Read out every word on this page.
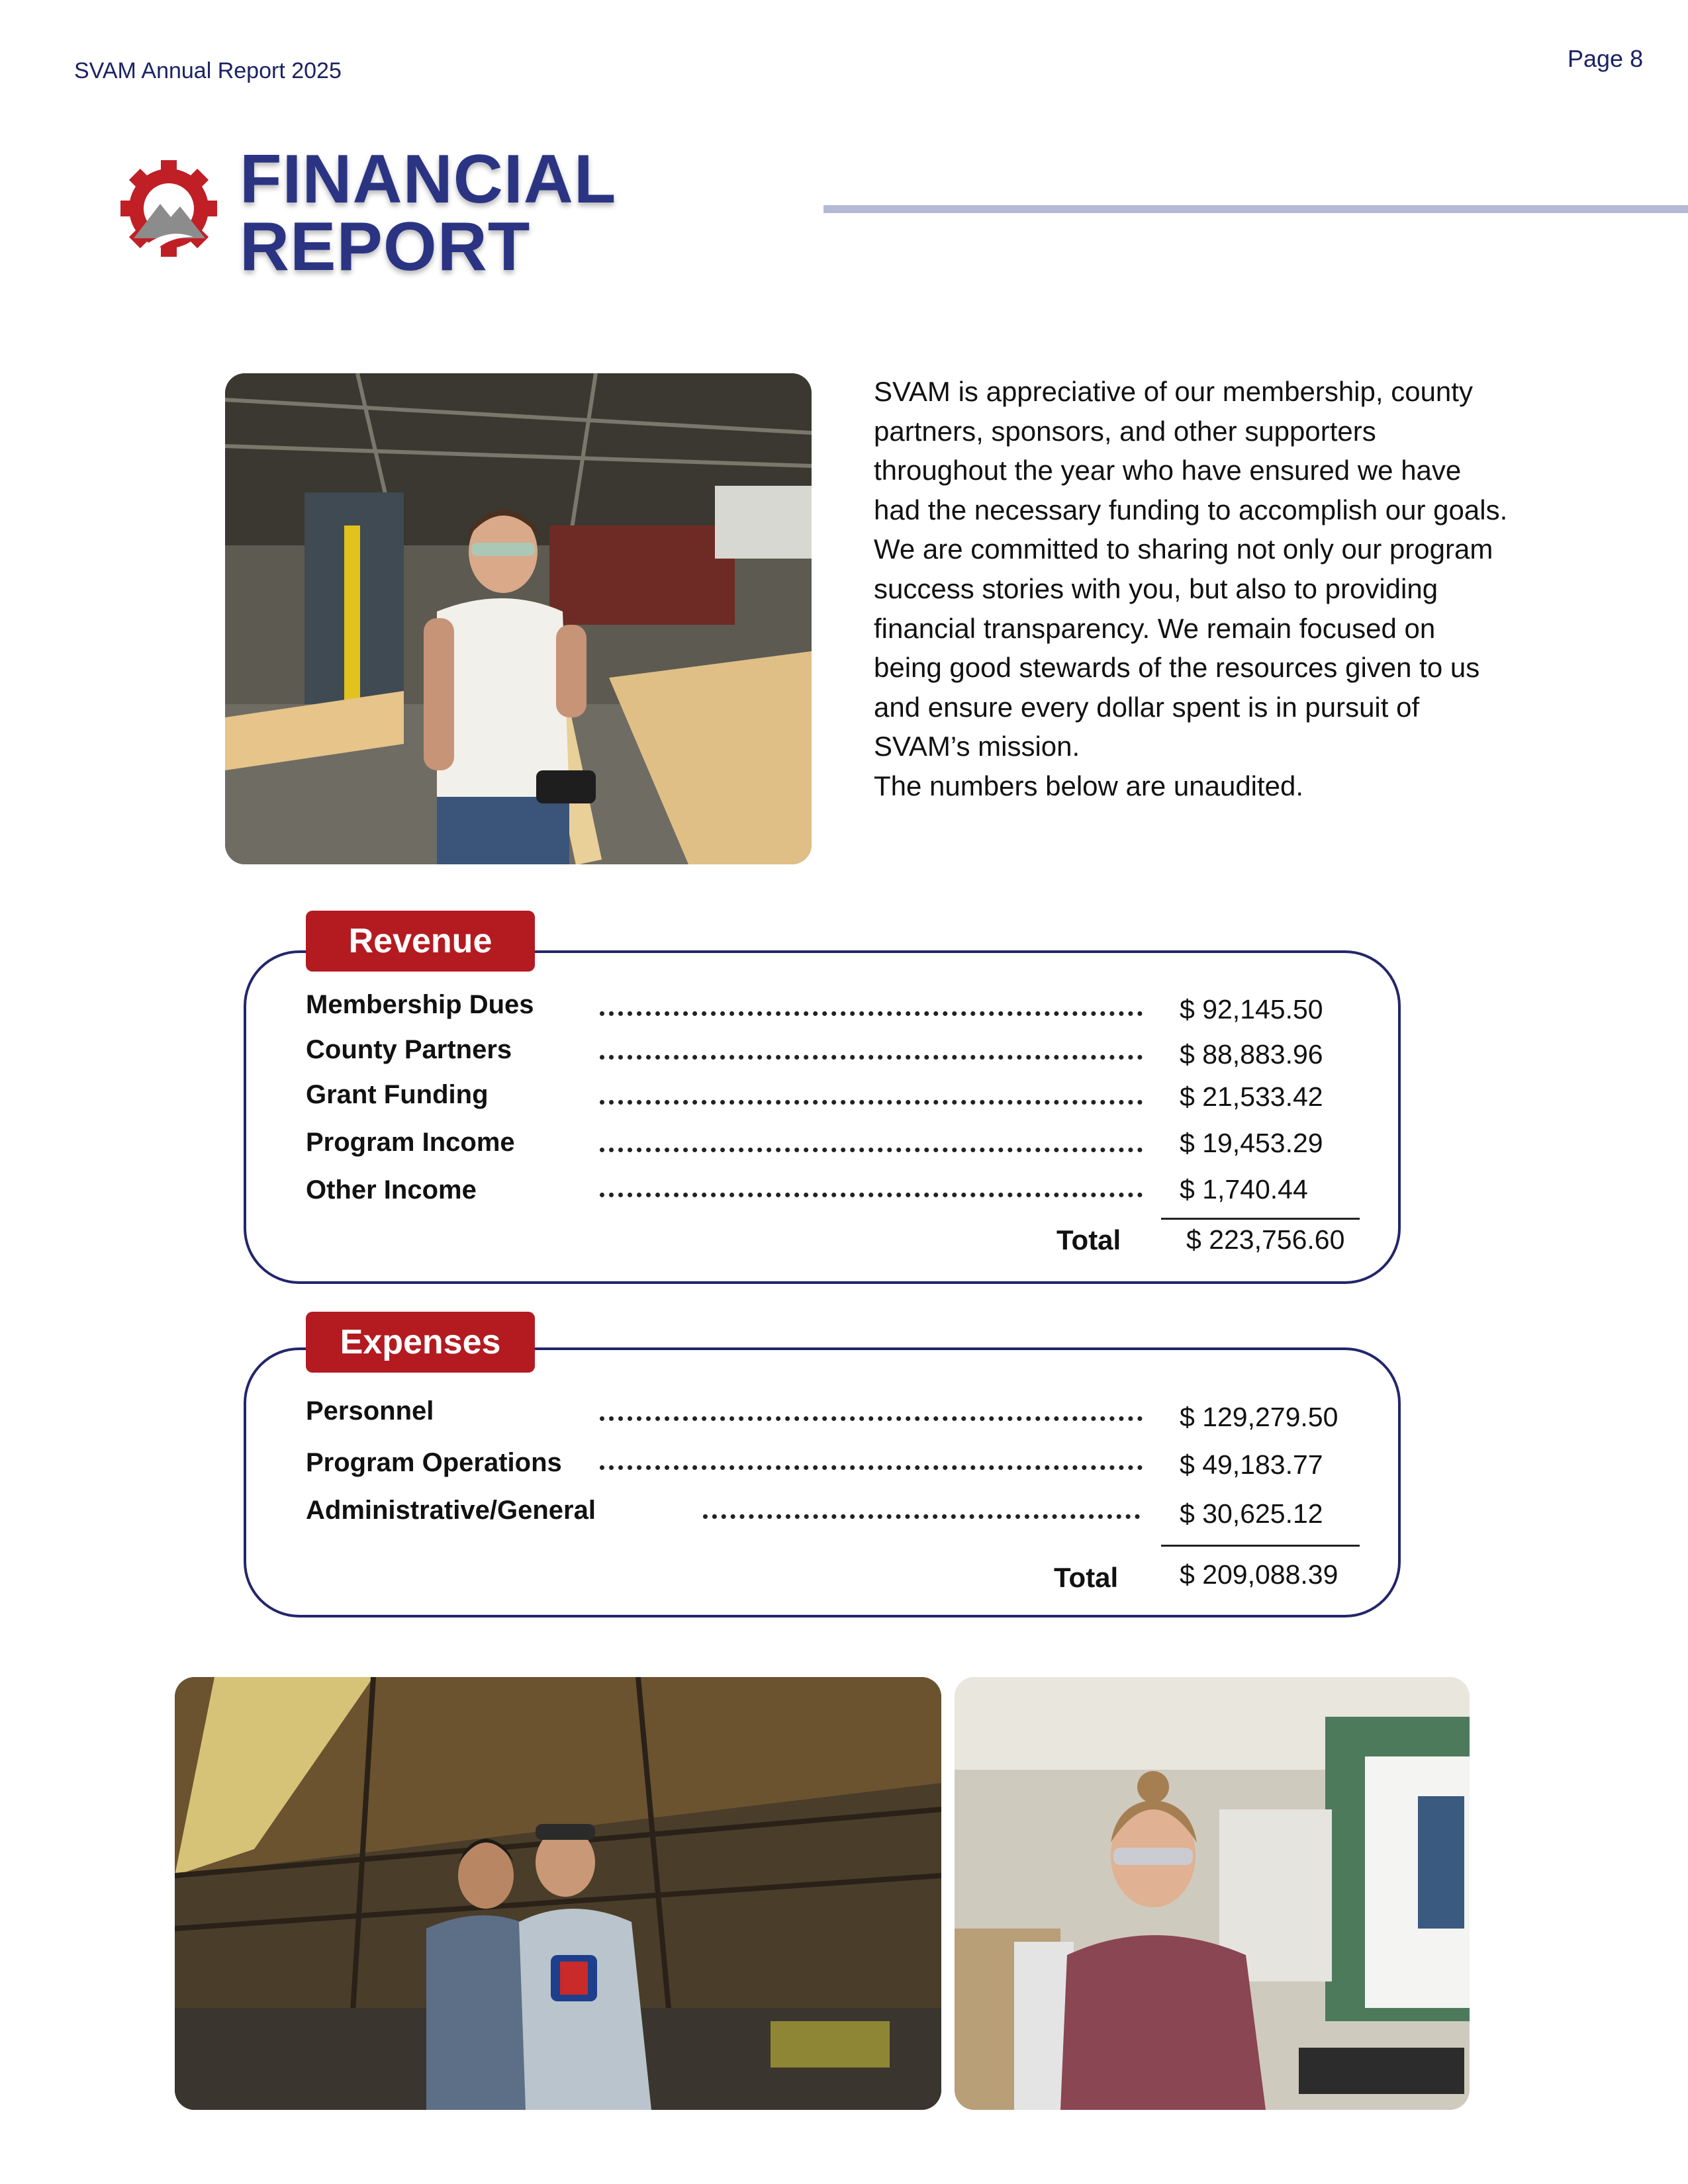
SVAM Annual Report 2025	Page 8
FINANCIAL
REPORT

SVAM is appreciative of our membership, county partners, sponsors, and other supporters throughout the year who have ensured we have had the necessary funding to accomplish our goals. We are committed to sharing not only our program success stories with you, but also to providing financial transparency. We remain focused on being good stewards of the resources given to us and ensure every dollar spent is in pursuit of SVAM’s mission.

The numbers below are unaudited.

Revenue
Membership Dues	$ 92,145.50
County Partners	$ 88,883.96
Grant Funding	$ 21,533.42
Program Income	$ 19,453.29
Other Income	$ 1,740.44
Total $ 223,756.60
Expenses
Personnel	$ 129,279.50
Program Operations	$ 49,183.77
Administrative/General	$ 30,625.12
Total $ 209,088.39
